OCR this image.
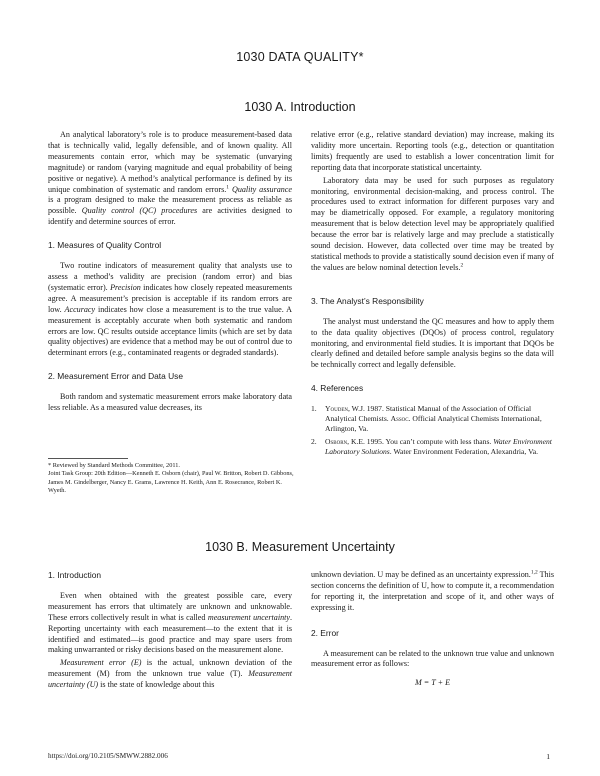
1030 DATA QUALITY*
1030 A. Introduction

An analytical laboratory’s role is to produce measurement-based data that is technically valid, legally defensible, and of known quality. All measurements contain error, which may be systematic (unvarying magnitude) or random (varying magnitude and equal probability of being positive or negative). A method’s analytical performance is defined by its unique combination of systematic and random errors.$^1$ Quality assurance is a program designed to make the measurement process as reliable as possible. Quality control (QC) procedures are activities designed to identify and determine sources of error.

1. Measures of Quality Control

Two routine indicators of measurement quality that analysts use to assess a method’s validity are precision (random error) and bias (systematic error). Precision indicates how closely repeated measurements agree. A measurement’s precision is acceptable if its random errors are low. Accuracy indicates how close a measurement is to the true value. A measurement is acceptably accurate when both systematic and random errors are low. QC results outside acceptance limits (which are set by data quality objectives) are evidence that a method may be out of control due to determinant errors (e.g., contaminated reagents or degraded standards).

2. Measurement Error and Data Use

Both random and systematic measurement errors make laboratory data less reliable. As a measured value decreases, its

* Reviewed by Standard Methods Committee, 2011.
Joint Task Group: 20th Edition—Kenneth E. Osborn (chair), Paul W. Britton, Robert D. Gibbons, James M. Gindelberger, Nancy E. Grams, Lawrence H. Keith, Ann E. Rosecrance, Robert K. Wyeth.

relative error (e.g., relative standard deviation) may increase, making its validity more uncertain. Reporting tools (e.g., detection or quantitation limits) frequently are used to establish a lower concentration limit for reporting data that incorporate statistical uncertainty.

Laboratory data may be used for such purposes as regulatory monitoring, environmental decision-making, and process control. The procedures used to extract information for different purposes vary and may be diametrically opposed. For example, a regulatory monitoring measurement that is below detection level may be appropriately qualified because the error bar is relatively large and may preclude a statistically sound decision. However, data collected over time may be treated by statistical methods to provide a statistically sound decision even if many of the values are below nominal detection levels.$^2$

3. The Analyst’s Responsibility

The analyst must understand the QC measures and how to apply them to the data quality objectives (DQOs) of process control, regulatory monitoring, and environmental field studies. It is important that DQOs be clearly defined and detailed before sample analysis begins so the data will be technically correct and legally defensible.

4. References
1. Youden, W.J. 1987. Statistical Manual of the Association of Official Analytical Chemists. Assoc. Official Analytical Chemists International, Arlington, Va.
2. Osborn, K.E. 1995. You can’t compute with less thans. Water Environment Laboratory Solutions. Water Environment Federation, Alexandria, Va.
1030 B. Measurement Uncertainty
1. Introduction

Even when obtained with the greatest possible care, every measurement has errors that ultimately are unknown and unknowable. These errors collectively result in what is called measurement uncertainty. Reporting uncertainty with each measurement—to the extent that it is identified and estimated—is good practice and may spare users from making unwarranted or risky decisions based on the measurement alone.

Measurement error (E) is the actual, unknown deviation of the measurement (M) from the unknown true value (T). Measurement uncertainty (U) is the state of knowledge about this

unknown deviation. U may be defined as an uncertainty expression.$^{1,2}$ This section concerns the definition of U, how to compute it, a recommendation for reporting it, the interpretation and scope of it, and other ways of expressing it.

2. Error

A measurement can be related to the unknown true value and unknown measurement error as follows:

M = T + E
https://doi.org/10.2105/SMWW.2882.006	1
